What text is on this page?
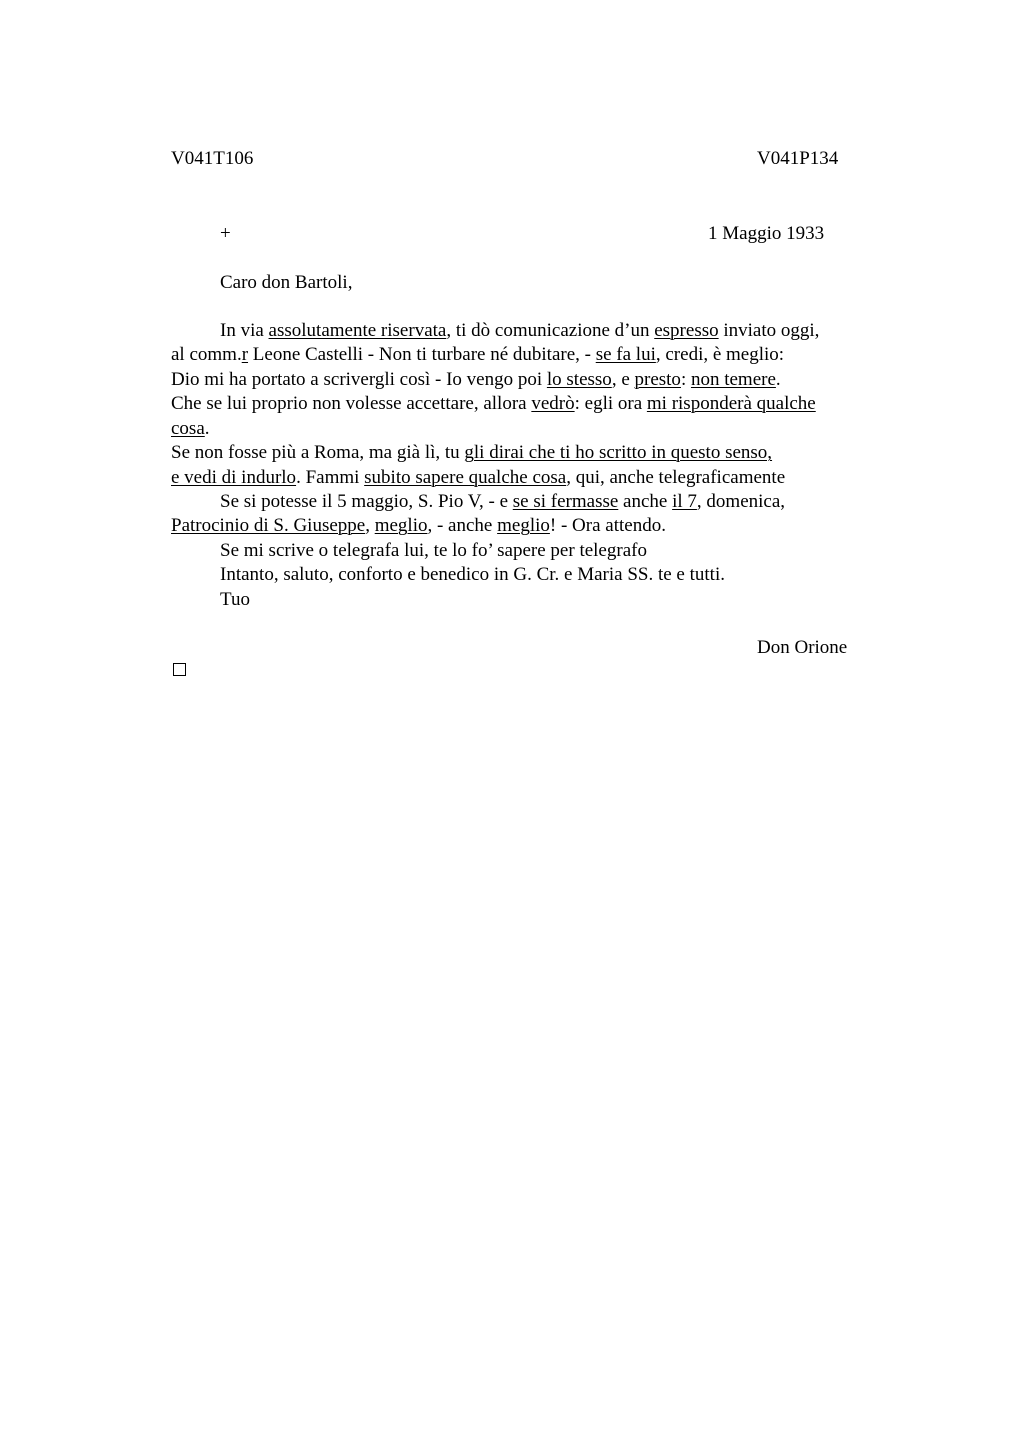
V041T106	V041P134
+	1 Maggio 1933
Caro don Bartoli,
In via assolutamente riservata, ti dò comunicazione d’un espresso inviato oggi,
al comm.r Leone Castelli - Non ti turbare né dubitare, - se fa lui, credi, è meglio:
Dio mi ha portato a scrivergli così - Io vengo poi lo stesso, e presto: non temere.
Che se lui proprio non volesse accettare, allora vedrò: egli ora mi risponderà qualche
cosa.
Se non fosse più a Roma, ma già lì, tu gli dirai che ti ho scritto in questo senso,
e vedi di indurlo. Fammi subito sapere qualche cosa, qui, anche telegraficamente
Se si potesse il 5 maggio, S. Pio V, - e se si fermasse anche il 7, domenica,
Patrocinio di S. Giuseppe, meglio, - anche meglio! - Ora attendo.
Se mi scrive o telegrafa lui, te lo fo’ sapere per telegrafo
Intanto, saluto, conforto e benedico in G. Cr. e Maria SS. te e tutti.
Tuo
Don Orione
